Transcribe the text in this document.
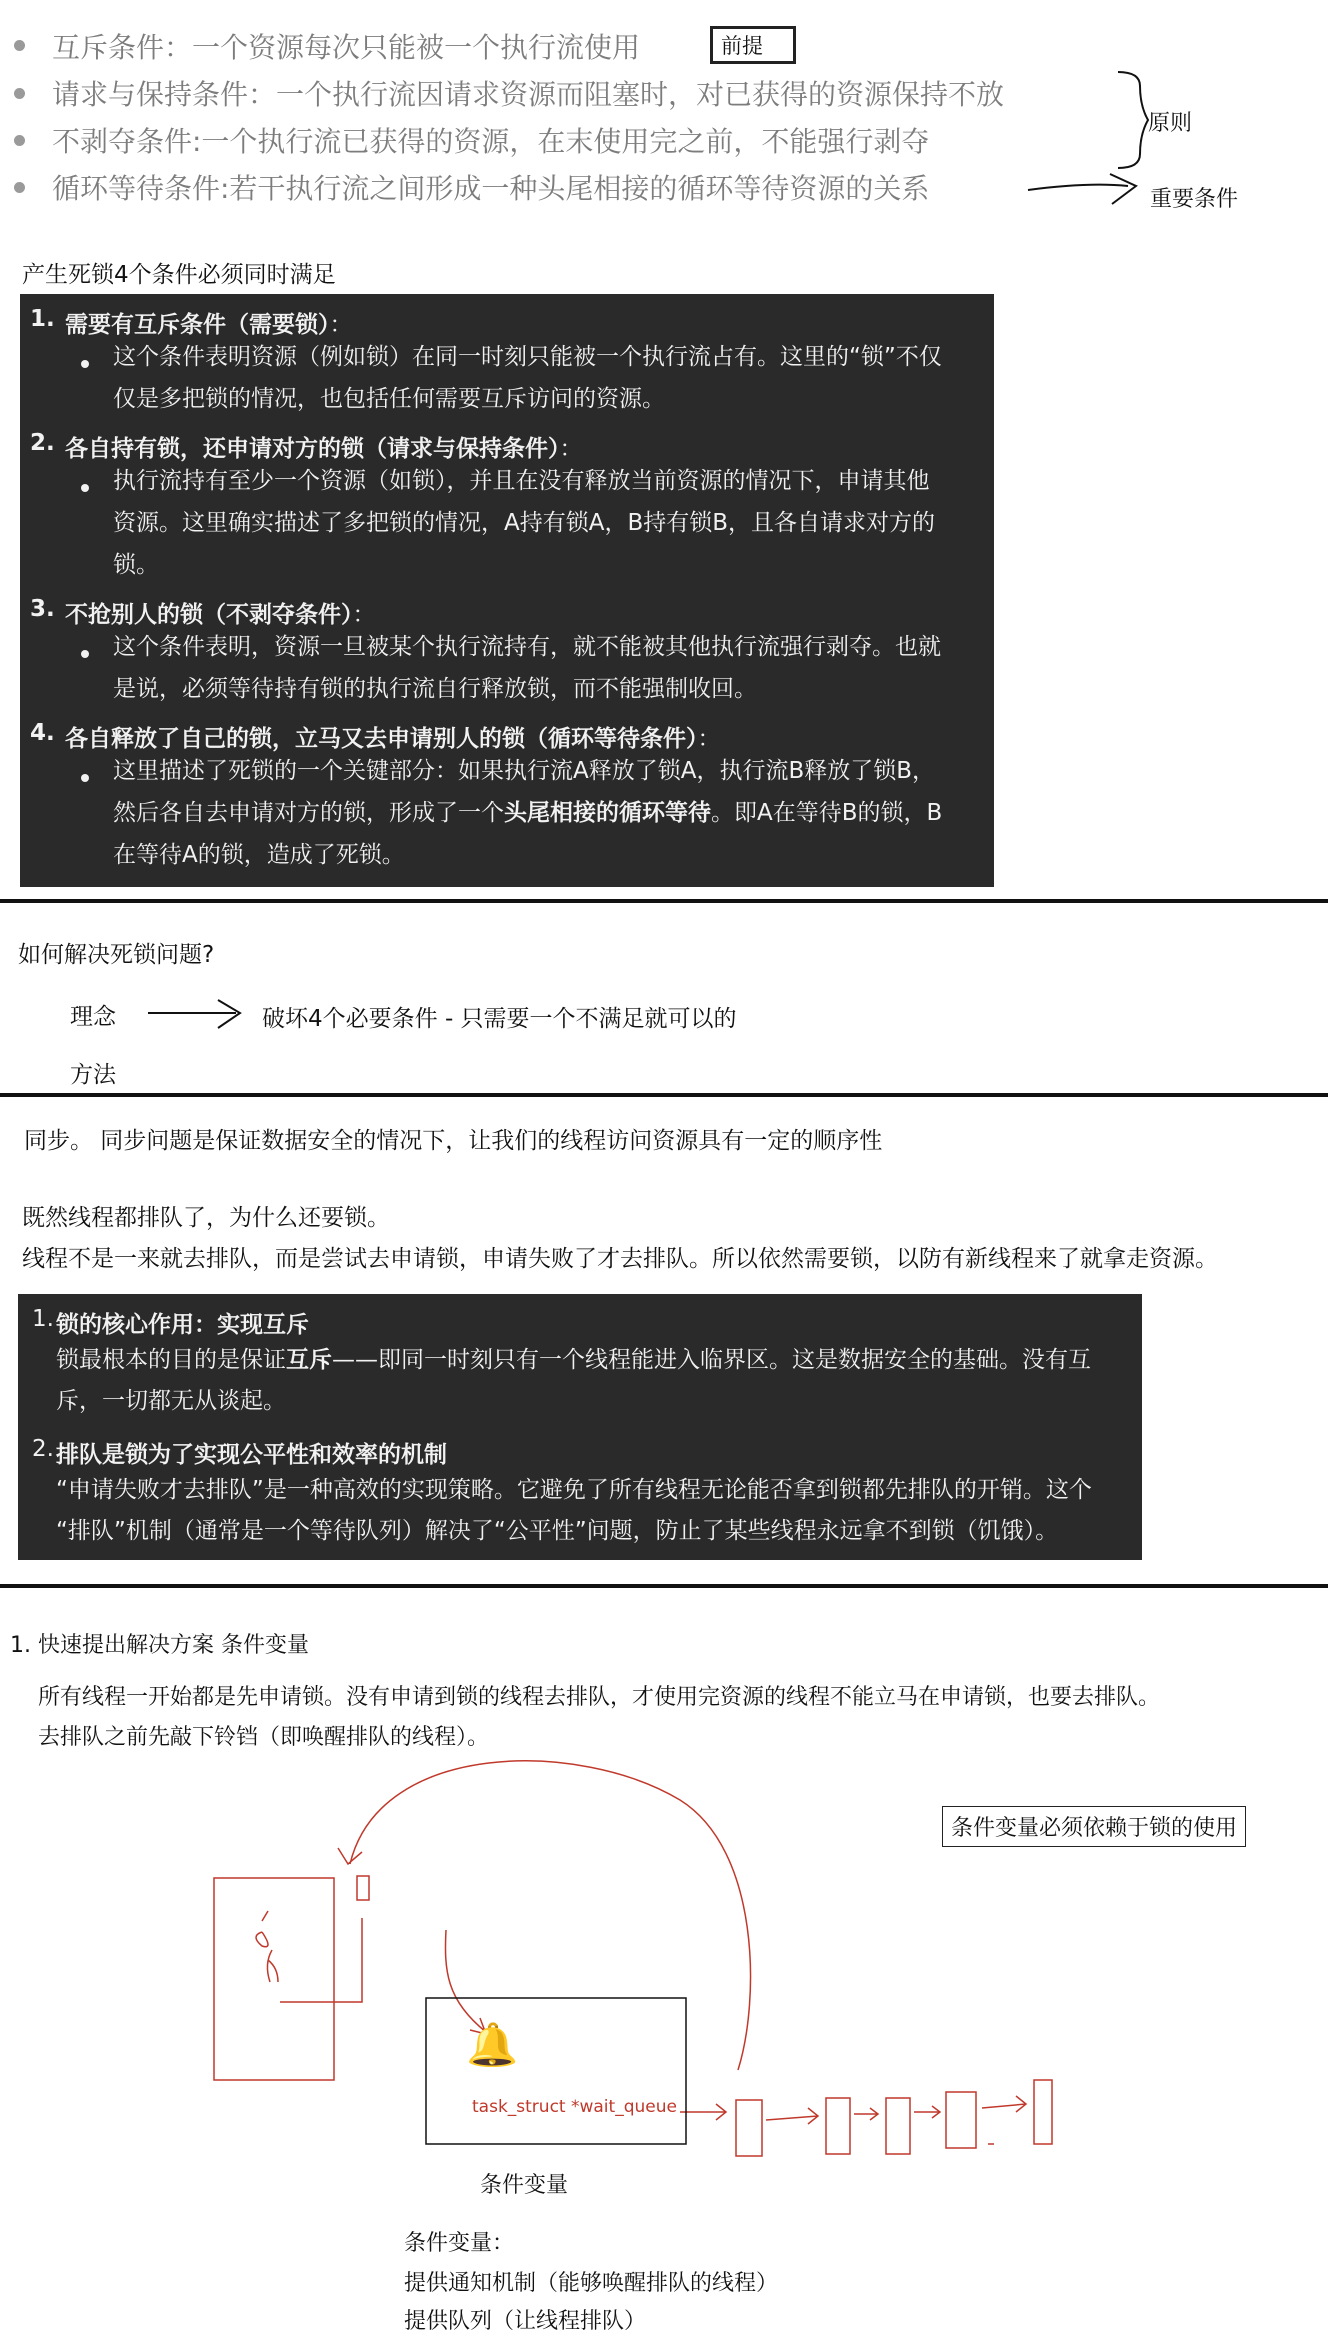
互斥条件：一个资源每次只能被一个执行流使用
请求与保持条件：一个执行流因请求资源而阻塞时，对已获得的资源保持不放
不剥夺条件:一个执行流已获得的资源，在末使用完之前，不能强行剥夺
循环等待条件:若干执行流之间形成一种头尾相接的循环等待资源的关系
前提
原则
重要条件
产生死锁4个条件必须同时满足
1. 需要有互斥条件（需要锁）：
这个条件表明资源（例如锁）在同一时刻只能被一个执行流占有。这里的“锁”不仅
仅是多把锁的情况，也包括任何需要互斥访问的资源。
2. 各自持有锁，还申请对方的锁（请求与保持条件）：
执行流持有至少一个资源（如锁），并且在没有释放当前资源的情况下，申请其他
资源。这里确实描述了多把锁的情况，A持有锁A，B持有锁B，且各自请求对方的
锁。
3. 不抢别人的锁（不剥夺条件）：
这个条件表明，资源一旦被某个执行流持有，就不能被其他执行流强行剥夺。也就
是说，必须等待持有锁的执行流自行释放锁，而不能强制收回。
4. 各自释放了自己的锁，立马又去申请别人的锁（循环等待条件）：
这里描述了死锁的一个关键部分：如果执行流A释放了锁A，执行流B释放了锁B，
然后各自去申请对方的锁，形成了一个头尾相接的循环等待。即A在等待B的锁，B
在等待A的锁，造成了死锁。
如何解决死锁问题?
理念	破坏4个必要条件 - 只需要一个不满足就可以的
方法
同步。 同步问题是保证数据安全的情况下，让我们的线程访问资源具有一定的顺序性
既然线程都排队了，为什么还要锁。
线程不是一来就去排队，而是尝试去申请锁，申请失败了才去排队。所以依然需要锁，以防有新线程来了就拿走资源。
1. 锁的核心作用：实现互斥
锁最根本的目的是保证互斥——即同一时刻只有一个线程能进入临界区。这是数据安全的基础。没有互
斥，一切都无从谈起。
2. 排队是锁为了实现公平性和效率的机制
“申请失败才去排队”是一种高效的实现策略。它避免了所有线程无论能否拿到锁都先排队的开销。这个
“排队”机制（通常是一个等待队列）解决了“公平性”问题，防止了某些线程永远拿不到锁（饥饿）。
1. 快速提出解决方案 条件变量
所有线程一开始都是先申请锁。没有申请到锁的线程去排队，才使用完资源的线程不能立马在申请锁，也要去排队。
去排队之前先敲下铃铛（即唤醒排队的线程）。
条件变量必须依赖于锁的使用
🔔
task_struct *wait_queue
条件变量
条件变量：
提供通知机制（能够唤醒排队的线程）
提供队列（让线程排队）
